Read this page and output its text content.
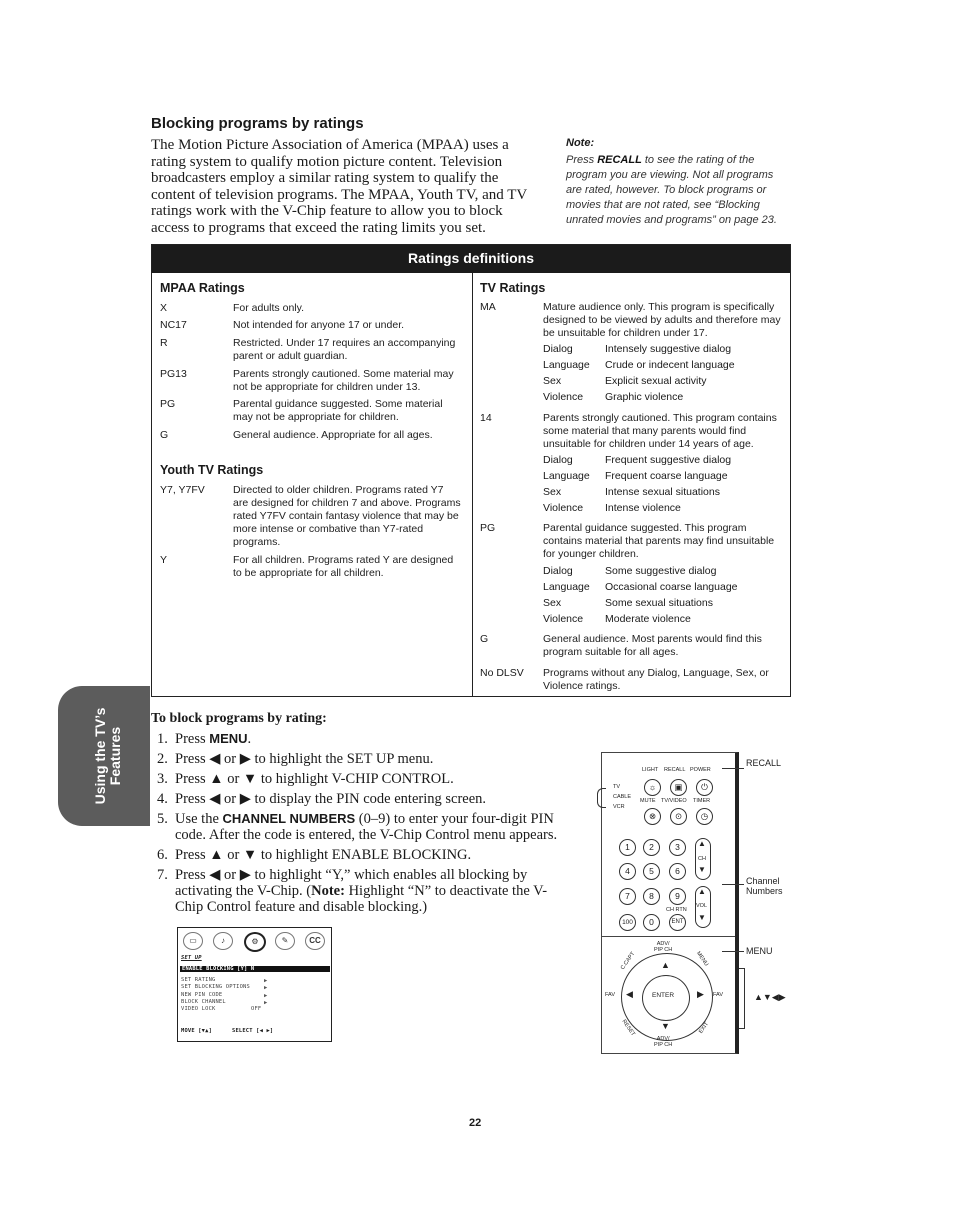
Blocking programs by ratings
The Motion Picture Association of America (MPAA) uses a rating system to qualify motion picture content. Television broadcasters employ a similar rating system to qualify the content of television programs. The MPAA, Youth TV, and TV ratings work with the V-Chip feature to allow you to block access to programs that exceed the rating limits you set.
Note:
Press RECALL to see the rating of the program you are viewing. Not all programs are rated, however. To block programs or movies that are not rated, see “Blocking unrated movies and programs” on page 23.
Ratings definitions
MPAA Ratings
X	For adults only.
NC17	Not intended for anyone 17 or under.
R	Restricted. Under 17 requires an accompanying parent or adult guardian.
PG13	Parents strongly cautioned. Some material may not be appropriate for children under 13.
PG	Parental guidance suggested. Some material may not be appropriate for children.
G	General audience. Appropriate for all ages.
Youth TV Ratings
Y7, Y7FV	Directed to older children. Programs rated Y7 are designed for children 7 and above. Programs rated Y7FV contain fantasy violence that may be more intense or combative than Y7-rated programs.
Y	For all children. Programs rated Y are designed to be appropriate for all children.
TV Ratings
MA	Mature audience only. This program is specifically designed to be viewed by adults and therefore may be unsuitable for children under 17.
Dialog	Intensely suggestive dialog
Language Crude or indecent language
Sex	Explicit sexual activity
Violence Graphic violence
14	Parents strongly cautioned. This program contains some material that many parents would find unsuitable for children under 14 years of age.
Dialog	Frequent suggestive dialog
Language Frequent coarse language
Sex	Intense sexual situations
Violence Intense violence
PG	Parental guidance suggested. This program contains material that parents may find unsuitable for younger children.
Dialog	Some suggestive dialog
Language Occasional coarse language
Sex	Some sexual situations
Violence Moderate violence
G	General audience. Most parents would find this program suitable for all ages.
No DLSV Programs without any Dialog, Language, Sex, or Violence ratings.
Using the TV’s Features
To block programs by rating:
1. Press MENU.
2. Press ◀ or ▶ to highlight the SET UP menu.
3. Press ▲ or ▼ to highlight V-CHIP CONTROL.
4. Press ◀ or ▶ to display the PIN code entering screen.
5. Use the CHANNEL NUMBERS (0–9) to enter your four-digit PIN code. After the code is entered, the V-Chip Control menu appears.
6. Press ▲ or ▼ to highlight ENABLE BLOCKING.
7. Press ◀ or ▶ to highlight “Y,” which enables all blocking by activating the V-Chip. (Note: Highlight “N” to deactivate the V-Chip Control feature and disable blocking.)
▭	♪	⚙	✎	CC
SET UP
ENABLE BLOCKING [Y] N
SET RATING
SET BLOCKING OPTIONS
NEW PIN CODE
BLOCK CHANNEL
VIDEO LOCK	OFF
▶
▶
▶
▶
MOVE [▼▲]	SELECT [◀ ▶]
LIGHT RECALL POWER
☼	▣	⏻
TV
CABLE
VCR
MUTE TV/VIDEO TIMER
⊗	⊙	◷
1	2	3
4	5	6
7	8	9
100	0	ENT
▲
CH
▼
▲
VOL
▼
CH RTN
ADV/
PIP CH
ENTER
▲
▼
◀	▶
FAV	FAV
C.CAPT	MENU
RESET	EXIT
ADV/
PIP CH
RECALL
Channel
Numbers
MENU
▲▼◀▶
22
